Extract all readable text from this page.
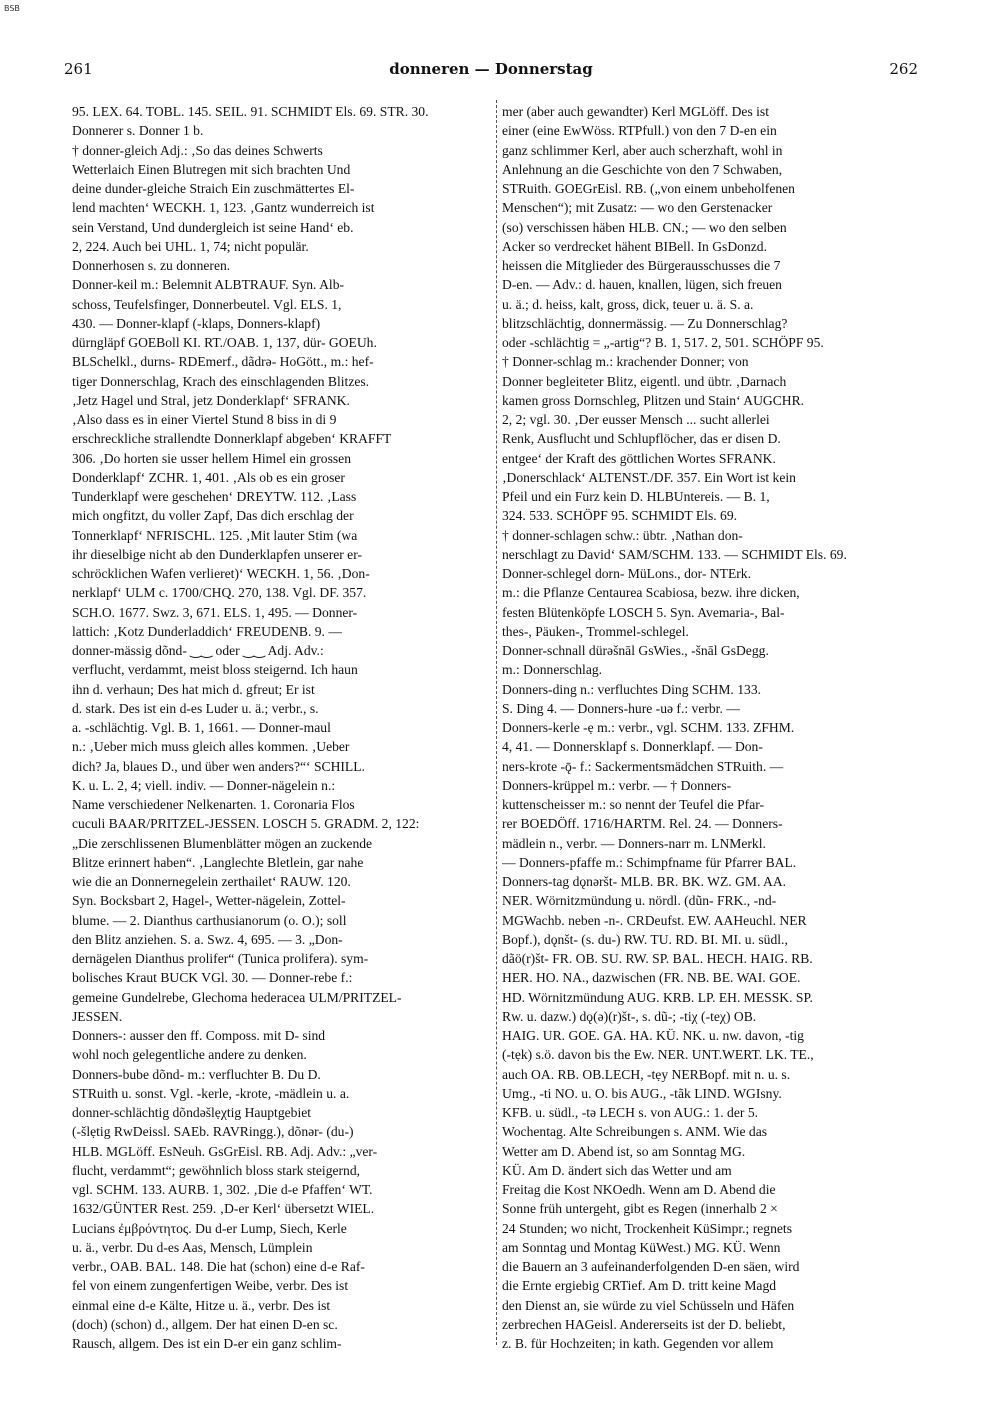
BSB
261	donneren — Donnerstag	262
95. LEX. 64. TOBL. 145. SEIL. 91. SCHMIDT Els. 69. STR. 30.
Donnerer s. Donner 1 b.
† donner-gleich Adj.: ‚So das deines Schwerts
Wetterlaich Einen Blutregen mit sich brachten Und
deine dunder-gleiche Straich Ein zuschmättertes El-
lend machten‘ WECKH. 1, 123. ‚Gantz wunderreich ist
sein Verstand, Und dundergleich ist seine Hand‘ eb.
2, 224. Auch bei UHL. 1, 74; nicht populär.
Donnerhosen s. zu donneren.
Donner-keil m.: Belemnit ALBTRAUF. Syn. Alb-
schoss, Teufelsfinger, Donnerbeutel. Vgl. ELS. 1,
430. — Donner-klapf (-klaps, Donners-klapf)
dürngläpf GOEBoll KI. RT./OAB. 1, 137, dür- GOEUh.
BLSchelkl., durns- RDEmerf., dãdrə- HoGött., m.: hef-
tiger Donnerschlag, Krach des einschlagenden Blitzes.
‚Jetz Hagel und Stral, jetz Donderklapf‘ SFRANK.
‚Also dass es in einer Viertel Stund 8 biss in di 9
erschreckliche strallendte Donnerklapf abgeben‘ KRAFFT
306. ‚Do horten sie usser hellem Himel ein grossen
Donderklapf‘ ZCHR. 1, 401. ‚Als ob es ein groser
Tunderklapf were geschehen‘ DREYTW. 112. ‚Lass
mich ongfitzt, du voller Zapf, Das dich erschlag der
Tonnerklapf‘ NFRISCHL. 125. ‚Mit lauter Stim (wa
ihr dieselbige nicht ab den Dunderklapfen unserer er-
schröcklichen Wafen verlieret)‘ WECKH. 1, 56. ‚Don-
nerklapf‘ ULM c. 1700/CHQ. 270, 138. Vgl. DF. 357.
SCH.O. 1677. Swz. 3, 671. ELS. 1, 495. — Donner-
lattich: ‚Kotz Dunderladdich‘ FREUDENB. 9. —
donner-mässig dõnd- ‿‿ oder ‿‿ Adj. Adv.:
verflucht, verdammt, meist bloss steigernd. Ich haun
ihn d. verhaun; Des hat mich d. gfreut; Er ist
d. stark. Des ist ein d-es Luder u. ä.; verbr., s.
a. -schlächtig. Vgl. B. 1, 1661. — Donner-maul
n.: ‚Ueber mich muss gleich alles kommen. ‚Ueber
dich? Ja, blaues D., und über wen anders?“‘ SCHILL.
K. u. L. 2, 4; viell. indiv. — Donner-nägelein n.:
Name verschiedener Nelkenarten. 1. Coronaria Flos
cuculi BAAR/PRITZEL-JESSEN. LOSCH 5. GRADM. 2, 122:
„Die zerschlissenen Blumenblätter mögen an zuckende
Blitze erinnert haben“. ‚Langlechte Bletlein, gar nahe
wie die an Donnernegelein zerthailet‘ RAUW. 120.
Syn. Bocksbart 2, Hagel-, Wetter-nägelein, Zottel-
blume. — 2. Dianthus carthusianorum (o. O.); soll
den Blitz anziehen. S. a. Swz. 4, 695. — 3. „Don-
dernägelen Dianthus prolifer“ (Tunica prolifera). sym-
bolisches Kraut BUCK VGl. 30. — Donner-rebe f.:
gemeine Gundelrebe, Glechoma hederacea ULM/PRITZEL-
JESSEN.
Donners-: ausser den ff. Composs. mit D- sind
wohl noch gelegentliche andere zu denken.
Donners-bube dõnd- m.: verfluchter B. Du D.
STRuith u. sonst. Vgl. -kerle, -krote, -mädlein u. a.
donner-schlächtig dõndəšlẹχtig Hauptgebiet
(-šlẹtig RwDeissl. SAEb. RAVRingg.), dõnər- (du-)
HLB. MGLöff. EsNeuh. GsGrEisl. RB. Adj. Adv.: „ver-
flucht, verdammt“; gewöhnlich bloss stark steigernd,
vgl. SCHM. 133. AURB. 1, 302. ‚Die d-e Pfaffen‘ WT.
1632/GÜNTER Rest. 259. ‚D-er Kerl‘ übersetzt WIEL.
Lucians ἐμβρόντητος. Du d-er Lump, Siech, Kerle
u. ä., verbr. Du d-es Aas, Mensch, Lümplein
verbr., OAB. BAL. 148. Die hat (schon) eine d-e Raf-
fel von einem zungenfertigen Weibe, verbr. Des ist
einmal eine d-e Kälte, Hitze u. ä., verbr. Des ist
(doch) (schon) d., allgem. Der hat einen D-en sc.
Rausch, allgem. Des ist ein D-er ein ganz schlim-
mer (aber auch gewandter) Kerl MGLöff. Des ist
einer (eine EwWöss. RTPfull.) von den 7 D-en ein
ganz schlimmer Kerl, aber auch scherzhaft, wohl in
Anlehnung an die Geschichte von den 7 Schwaben,
STRuith. GOEGrEisl. RB. („von einem unbeholfenen
Menschen“); mit Zusatz: — wo den Gerstenacker
(so) verschissen häben HLB. CN.; — wo den selben
Acker so verdrecket hähent BIBell. In GsDonzd.
heissen die Mitglieder des Bürgerausschusses die 7
D-en. — Adv.: d. hauen, knallen, lügen, sich freuen
u. ä.; d. heiss, kalt, gross, dick, teuer u. ä. S. a.
blitzschlächtig, donnermässig. — Zu Donnerschlag?
oder -schlächtig = „-artig“? B. 1, 517. 2, 501. SCHÖPF 95.
† Donner-schlag m.: krachender Donner; von
Donner begleiteter Blitz, eigentl. und übtr. ‚Darnach
kamen gross Dornschleg, Plitzen und Stain‘ AUGCHR.
2, 2; vgl. 30. ‚Der eusser Mensch ... sucht allerlei
Renk, Ausflucht und Schlupflöcher, das er disen D.
entgee‘ der Kraft des göttlichen Wortes SFRANK.
‚Donerschlack‘ ALTENST./DF. 357. Ein Wort ist kein
Pfeil und ein Furz kein D. HLBUntereis. — B. 1,
324. 533. SCHÖPF 95. SCHMIDT Els. 69.
† donner-schlagen schw.: übtr. ‚Nathan don-
nerschlagt zu David‘ SAM/SCHM. 133. — SCHMIDT Els. 69.
Donner-schlegel dorn- MüLons., dor- NTErk.
m.: die Pflanze Centaurea Scabiosa, bezw. ihre dicken,
festen Blütenköpfe LOSCH 5. Syn. Avemaria-, Bal-
thes-, Päuken-, Trommel-schlegel.
Donner-schnall dürəšnāl GsWies., -šnāl GsDegg.
m.: Donnerschlag.
Donners-ding n.: verfluchtes Ding SCHM. 133.
S. Ding 4. — Donners-hure -uə f.: verbr. —
Donners-kerle -ẹ m.: verbr., vgl. SCHM. 133. ZFHM.
4, 41. — Donnersklapf s. Donnerklapf. — Don-
ners-krote -ǭ- f.: Sackermentsmädchen STRuith. —
Donners-krüppel m.: verbr. — † Donners-
kuttenscheisser m.: so nennt der Teufel die Pfar-
rer BOEDÖff. 1716/HARTM. Rel. 24. — Donners-
mädlein n., verbr. — Donners-narr m. LNMerkl.
— Donners-pfaffe m.: Schimpfname für Pfarrer BAL.
Donners-tag dǫnəršt- MLB. BR. BK. WZ. GM. AA.
NER. Wörnitzmündung u. nördl. (dũn- FRK., -nd-
MGWachb. neben -n-. CRDeufst. EW. AAHeuchl. NER
Bopf.), dǫnšt- (s. du-) RW. TU. RD. BI. MI. u. südl.,
dãö(r)št- FR. OB. SU. RW. SP. BAL. HECH. HAIG. RB.
HER. HO. NA., dazwischen (FR. NB. BE. WAI. GOE.
HD. Wörnitzmündung AUG. KRB. LP. EH. MESSK. SP.
Rw. u. dazw.) dǫ(ə)(r)št-, s. dũ-; -tiχ (-teχ) OB.
HAIG. UR. GOE. GA. HA. KÜ. NK. u. nw. davon, -tig
(-tẹk) s.ö. davon bis the Ew. NER. UNT.WERT. LK. TE.,
auch OA. RB. OB.LECH, -tẹy NERBopf. mit n. u. s.
Umg., -ti NO. u. O. bis AUG., -tãk LIND. WGIsny.
KFB. u. südl., -tə LECH s. von AUG.: 1. der 5.
Wochentag. Alte Schreibungen s. ANM. Wie das
Wetter am D. Abend ist, so am Sonntag MG.
KÜ. Am D. ändert sich das Wetter und am
Freitag die Kost NKOedh. Wenn am D. Abend die
Sonne früh untergeht, gibt es Regen (innerhalb 2 ×
24 Stunden; wo nicht, Trockenheit KüSimpr.; regnets
am Sonntag und Montag KüWest.) MG. KÜ. Wenn
die Bauern an 3 aufeinanderfolgenden D-en säen, wird
die Ernte ergiebig CRTief. Am D. tritt keine Magd
den Dienst an, sie würde zu viel Schüsseln und Häfen
zerbrechen HAGeisl. Andererseits ist der D. beliebt,
z. B. für Hochzeiten; in kath. Gegenden vor allem
